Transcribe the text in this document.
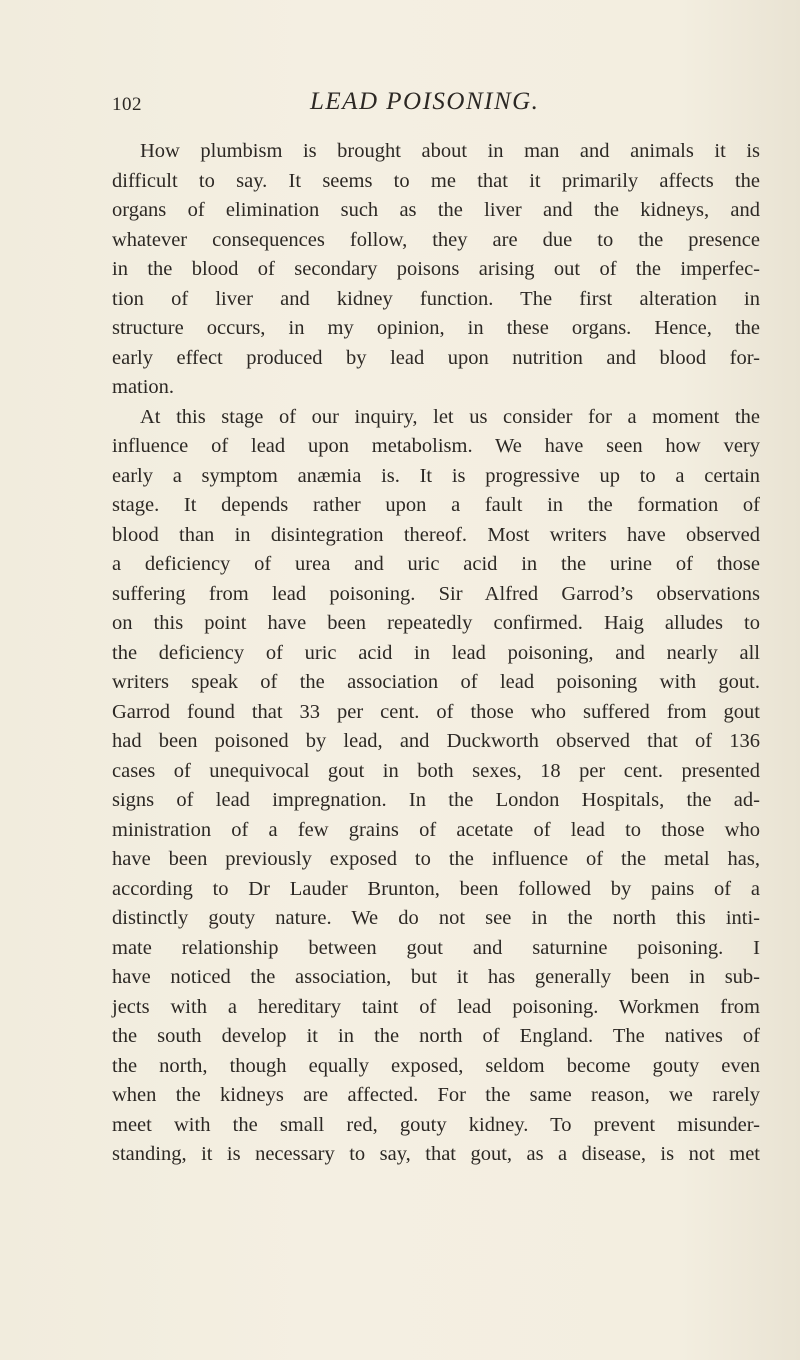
102	LEAD POISONING.
How plumbism is brought about in man and animals it is
difficult to say. It seems to me that it primarily affects the
organs of elimination such as the liver and the kidneys, and
whatever consequences follow, they are due to the presence
in the blood of secondary poisons arising out of the imperfec-
tion of liver and kidney function. The first alteration in
structure occurs, in my opinion, in these organs. Hence, the
early effect produced by lead upon nutrition and blood for-
mation.
At this stage of our inquiry, let us consider for a moment the
influence of lead upon metabolism. We have seen how very
early a symptom anæmia is. It is progressive up to a certain
stage. It depends rather upon a fault in the formation of
blood than in disintegration thereof. Most writers have observed
a deficiency of urea and uric acid in the urine of those
suffering from lead poisoning. Sir Alfred Garrod’s observations
on this point have been repeatedly confirmed. Haig alludes to
the deficiency of uric acid in lead poisoning, and nearly all
writers speak of the association of lead poisoning with gout.
Garrod found that 33 per cent. of those who suffered from gout
had been poisoned by lead, and Duckworth observed that of 136
cases of unequivocal gout in both sexes, 18 per cent. presented
signs of lead impregnation. In the London Hospitals, the ad-
ministration of a few grains of acetate of lead to those who
have been previously exposed to the influence of the metal has,
according to Dr Lauder Brunton, been followed by pains of a
distinctly gouty nature. We do not see in the north this inti-
mate relationship between gout and saturnine poisoning. I
have noticed the association, but it has generally been in sub-
jects with a hereditary taint of lead poisoning. Workmen from
the south develop it in the north of England. The natives of
the north, though equally exposed, seldom become gouty even
when the kidneys are affected. For the same reason, we rarely
meet with the small red, gouty kidney. To prevent misunder-
standing, it is necessary to say, that gout, as a disease, is not met
